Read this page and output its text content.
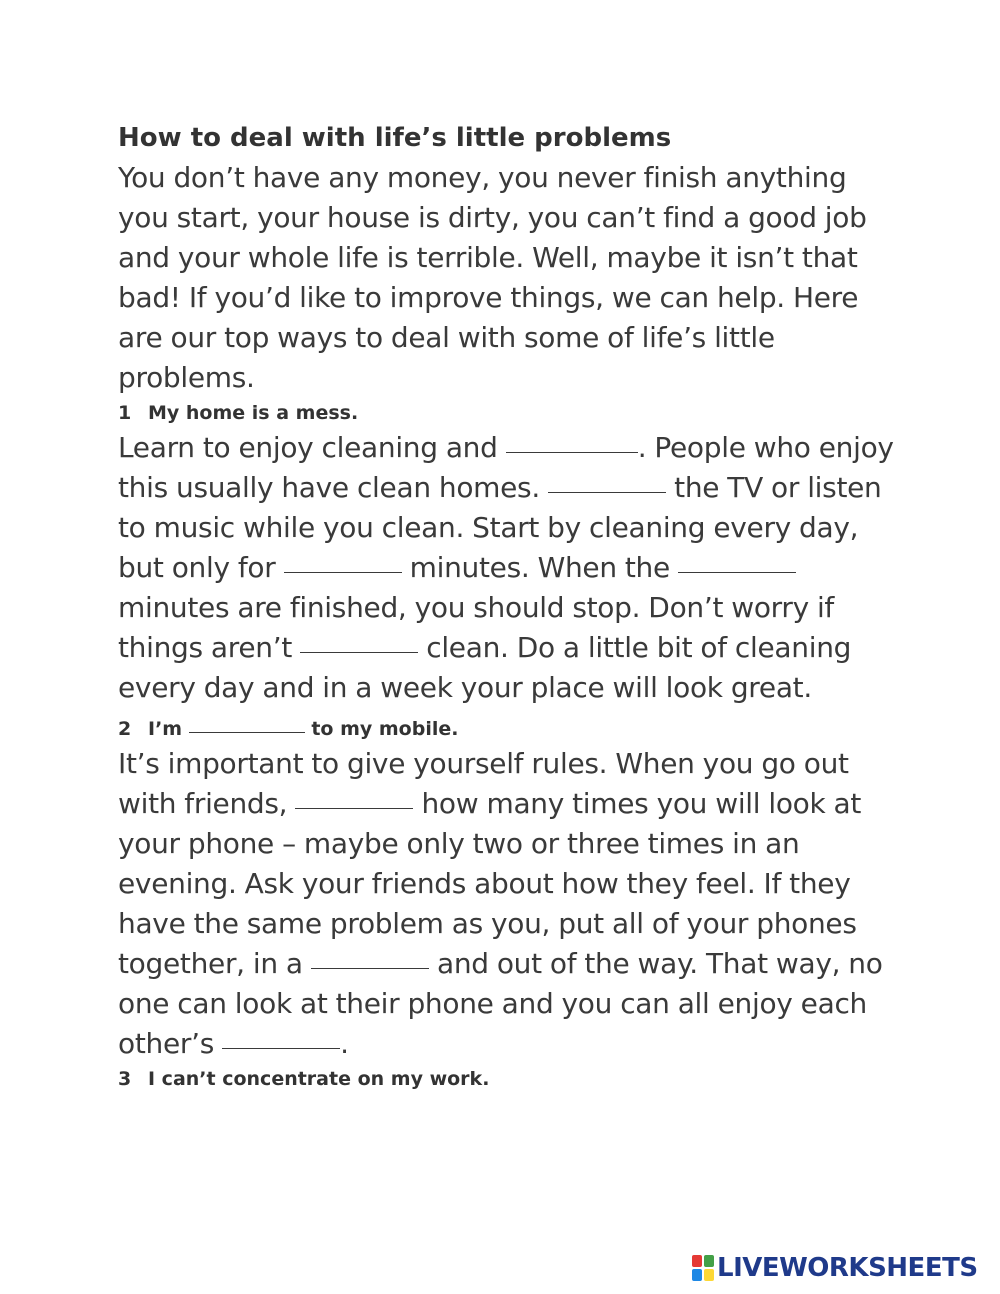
How to deal with life’s little problems

You don’t have any money, you never finish anything you start, your house is dirty, you can’t find a good job and your whole life is terrible. Well, maybe it isn’t that bad! If you’d like to improve things, we can help. Here are our top ways to deal with some of life’s little problems.

1 My home is a mess.

Learn to enjoy cleaning and	. People who enjoy this usually have clean homes.	the TV or listen to music while you clean. Start by cleaning every day, but only for	minutes. When the  minutes are finished, you should stop. Don’t worry if things aren’t	clean. Do a little bit of cleaning every day and in a week your place will look great.

2 I’m	to my mobile.

It’s important to give yourself rules. When you go out with friends,	how many times you will look at your phone – maybe only two or three times in an evening. Ask your friends about how they feel. If they have the same problem as you, put all of your phones together, in a	and out of the way. That way, no one can look at their phone and you can all enjoy each other’s	.

3 I can’t concentrate on my work.

LIVEWORKSHEETS
